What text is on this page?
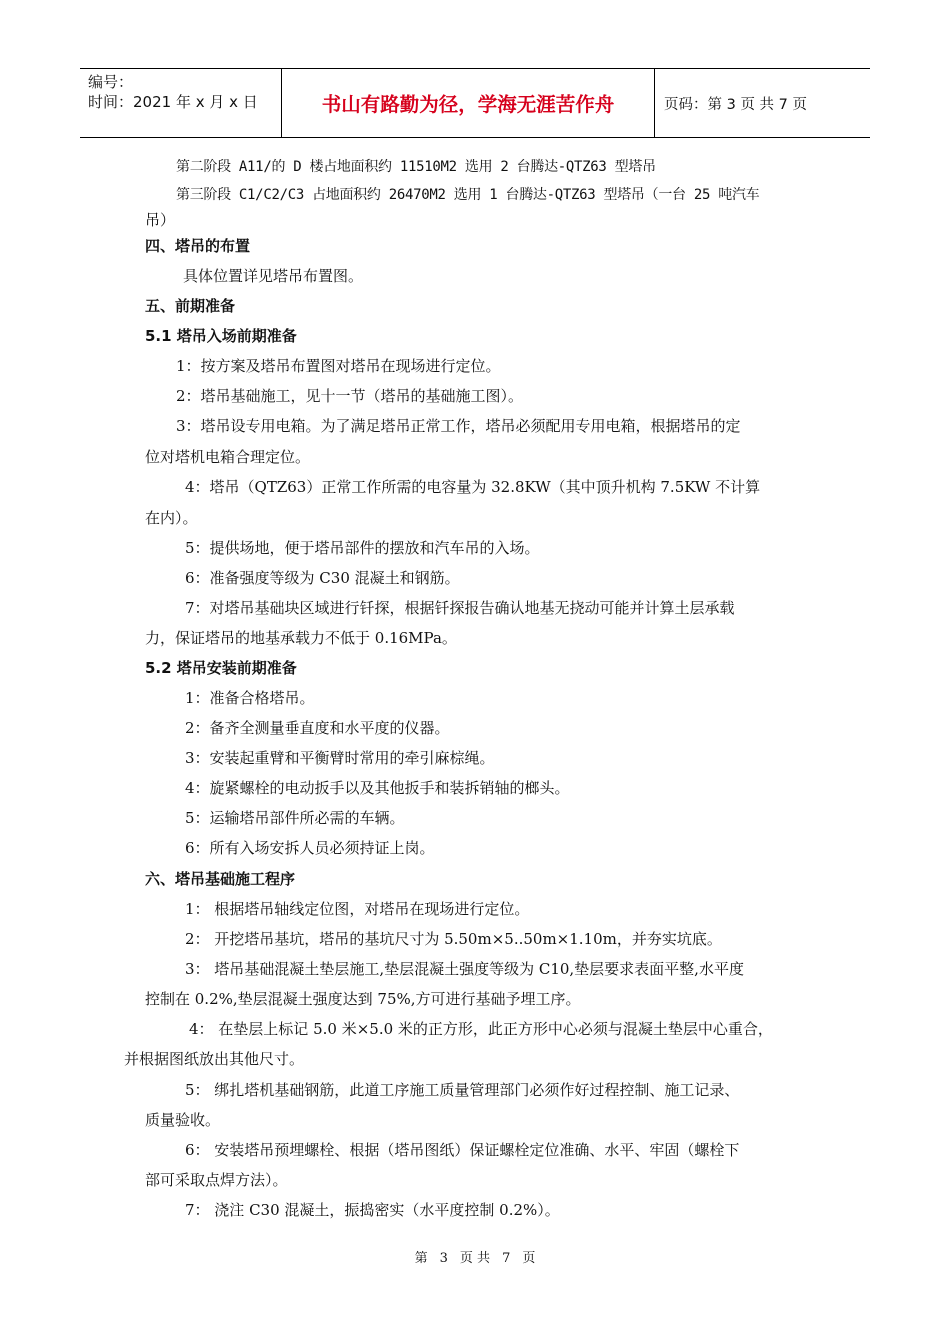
编号：
时间：2021 年 x 月 x 日	书山有路勤为径，学海无涯苦作舟	页码：第 3 页 共 7 页
第二阶段 A11/的 D 楼占地面积约 11510M2 选用 2 台腾达-QTZ63 型塔吊
第三阶段 C1/C2/C3 占地面积约 26470M2 选用 1 台腾达-QTZ63 型塔吊（一台 25 吨汽车
吊）
四、塔吊的布置
具体位置详见塔吊布置图。
五、前期准备
5.1 塔吊入场前期准备
1：按方案及塔吊布置图对塔吊在现场进行定位。
2：塔吊基础施工，见十一节（塔吊的基础施工图）。
3：塔吊设专用电箱。为了满足塔吊正常工作，塔吊必须配用专用电箱，根据塔吊的定
位对塔机电箱合理定位。
4：塔吊（QTZ63）正常工作所需的电容量为 32.8KW（其中顶升机构 7.5KW 不计算
在内）。
5：提供场地，便于塔吊部件的摆放和汽车吊的入场。
6：准备强度等级为 C30 混凝土和钢筋。
7：对塔吊基础块区域进行钎探，根据钎探报告确认地基无挠动可能并计算土层承载
力，保证塔吊的地基承载力不低于 0.16MPa。
5.2 塔吊安装前期准备
1：准备合格塔吊。
2：备齐全测量垂直度和水平度的仪器。
3：安装起重臂和平衡臂时常用的牵引麻棕绳。
4：旋紧螺栓的电动扳手以及其他扳手和装拆销轴的榔头。
5：运输塔吊部件所必需的车辆。
6：所有入场安拆人员必须持证上岗。
六、塔吊基础施工程序
1： 根据塔吊轴线定位图，对塔吊在现场进行定位。
2： 开挖塔吊基坑，塔吊的基坑尺寸为 5.50m×5..50m×1.10m，并夯实坑底。
3： 塔吊基础混凝土垫层施工,垫层混凝土强度等级为 C10,垫层要求表面平整,水平度
控制在 0.2%,垫层混凝土强度达到 75%,方可进行基础予埋工序。
4： 在垫层上标记 5.0 米×5.0 米的正方形，此正方形中心必须与混凝土垫层中心重合，
并根据图纸放出其他尺寸。
5： 绑扎塔机基础钢筋，此道工序施工质量管理部门必须作好过程控制、施工记录、
质量验收。
6： 安装塔吊预埋螺栓、根据（塔吊图纸）保证螺栓定位准确、水平、牢固（螺栓下
部可采取点焊方法）。
7： 浇注 C30 混凝土，振捣密实（水平度控制 0.2%）。
第 3 页 共 7 页
